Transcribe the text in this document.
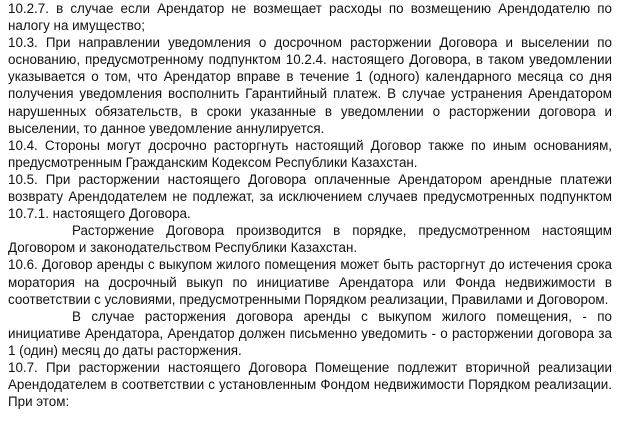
10.2.7. в случае если Арендатор не возмещает расходы по возмещению Арендодателю по налогу на имущество;

10.3. При направлении уведомления о досрочном расторжении Договора и выселении по основанию, предусмотренному подпунктом 10.2.4. настоящего Договора, в таком уведомлении указывается о том, что Арендатор вправе в течение 1 (одного) календарного месяца со дня получения уведомления восполнить Гарантийный платеж. В случае устранения Арендатором нарушенных обязательств, в сроки указанные в уведомлении о расторжении договора и выселении, то данное уведомление аннулируется.

10.4. Стороны могут досрочно расторгнуть настоящий Договор также по иным основаниям, предусмотренным Гражданским Кодексом Республики Казахстан.

10.5. При расторжении настоящего Договора оплаченные Арендатором арендные платежи возврату Арендодателем не подлежат, за исключением случаев предусмотренных подпунктом 10.7.1. настоящего Договора.

Расторжение Договора производится в порядке, предусмотренном настоящим Договором и законодательством Республики Казахстан.

10.6. Договор аренды с выкупом жилого помещения может быть расторгнут до истечения срока моратория на досрочный выкуп по инициативе Арендатора или Фонда недвижимости в соответствии с условиями, предусмотренными Порядком реализации, Правилами и Договором.

В случае расторжения договора аренды с выкупом жилого помещения, - по инициативе Арендатора, Арендатор должен письменно уведомить - о расторжении договора за 1 (один) месяц до даты расторжения.

10.7. При расторжении настоящего Договора Помещение подлежит вторичной реализации Арендодателем в соответствии с установленным Фондом недвижимости Порядком реализации. При этом:
